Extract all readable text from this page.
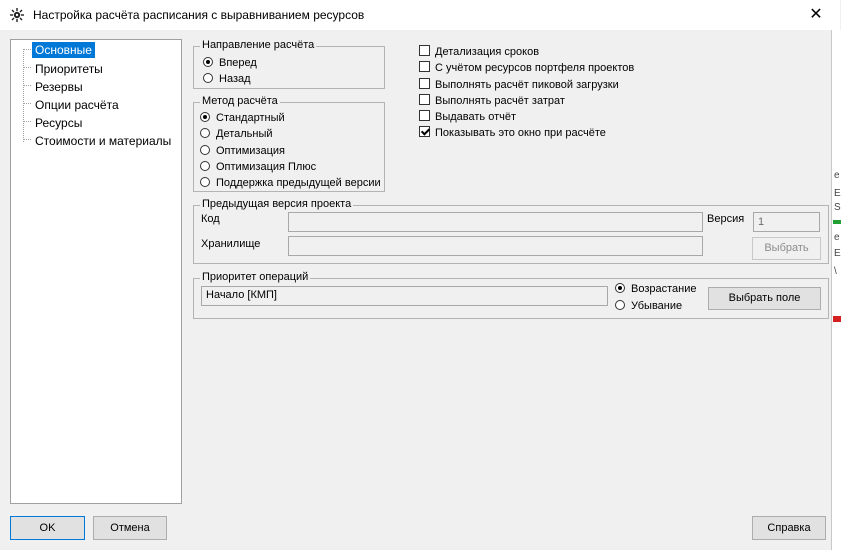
Настройка расчёта расписания с выравниванием ресурсов	✕
e
E
S
e
E
\
Основные
Приоритеты
Резервы
Опции расчёта
Ресурсы
Стоимости и материалы
Направление расчёта
Вперед
Назад
Метод расчёта
Стандартный
Детальный
Оптимизация
Оптимизация Плюс
Поддержка предыдущей версии
Детализация сроков
С учётом ресурсов портфеля проектов
Выполнять расчёт пиковой загрузки
Выполнять расчёт затрат
Выдавать отчёт
Показывать это окно при расчёте
Предыдущая версия проекта
Код	Версия
1
Хранилище	Выбрать
Приоритет операций
Начало [КМП]	Возрастание
Убывание
Выбрать поле
OK	Отмена	Справка
